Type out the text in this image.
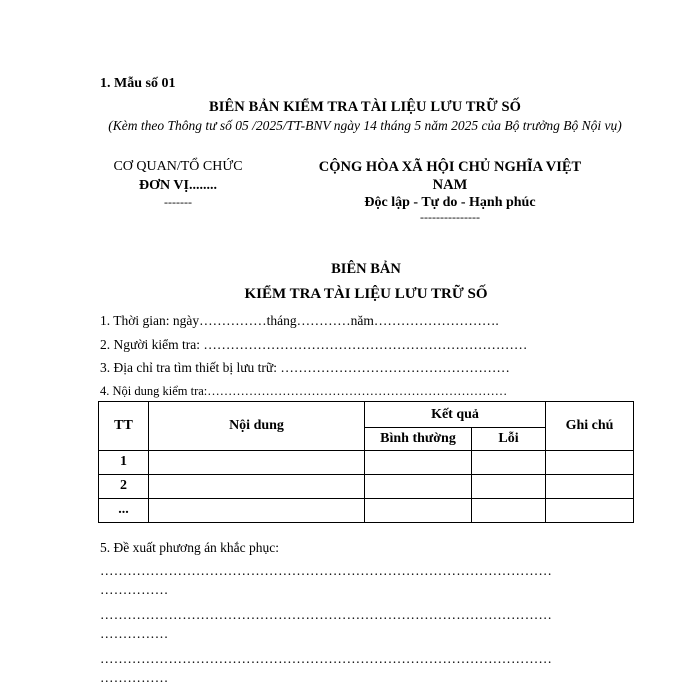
1. Mẫu số 01
BIÊN BẢN KIỂM TRA TÀI LIỆU LƯU TRỮ SỐ
(Kèm theo Thông tư số 05 /2025/TT-BNV ngày 14 tháng 5 năm 2025 của Bộ trưởng Bộ Nội vụ)
CƠ QUAN/TỔ CHỨC
ĐƠN VỊ........
-------
CỘNG HÒA XÃ HỘI CHỦ NGHĨA VIỆT
NAM
Độc lập - Tự do - Hạnh phúc
---------------
BIÊN BẢN
KIỂM TRA TÀI LIỆU LƯU TRỮ SỐ
1. Thời gian: ngày……………tháng…………năm……………………….
2. Người kiểm tra: ………………………………………………………………
3. Địa chỉ tra tìm thiết bị lưu trữ: ……………………………………………
4. Nội dung kiểm tra:………………………………………………………………
TT	Nội dung	Kết quả		Ghi chú
		Bình thường	Lỗi	
1				
2				
...				
5. Đề xuất phương án khắc phục:
………………………………………………………………………………………
……………
………………………………………………………………………………………
……………
………………………………………………………………………………………
……………
